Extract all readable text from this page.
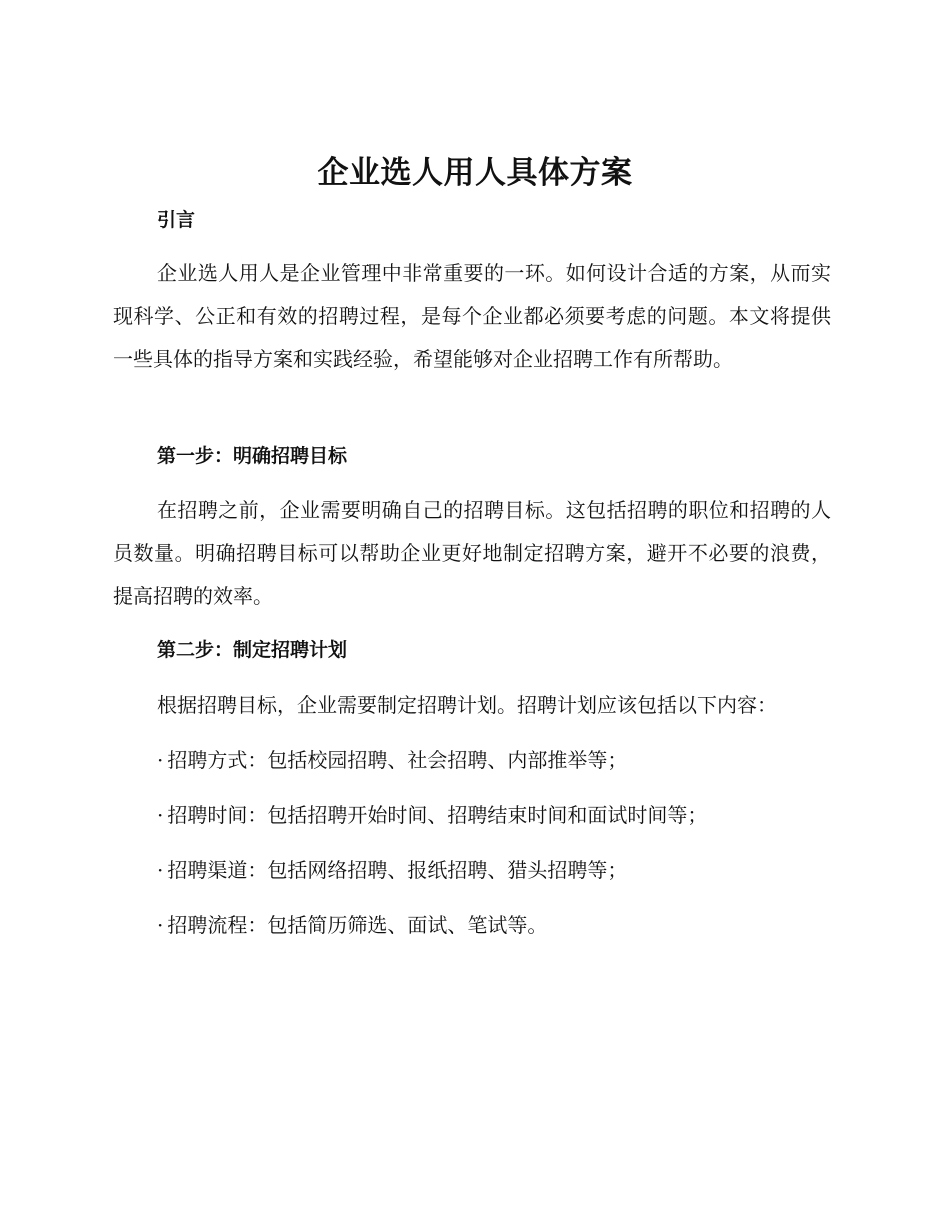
企业选人用人具体方案
引言

企业选人用人是企业管理中非常重要的一环。如何设计合适的方案，从而实现科学、公正和有效的招聘过程，是每个企业都必须要考虑的问题。本文将提供一些具体的指导方案和实践经验，希望能够对企业招聘工作有所帮助。

第一步：明确招聘目标

在招聘之前，企业需要明确自己的招聘目标。这包括招聘的职位和招聘的人员数量。明确招聘目标可以帮助企业更好地制定招聘方案，避开不必要的浪费，提高招聘的效率。

第二步：制定招聘计划

根据招聘目标，企业需要制定招聘计划。招聘计划应该包括以下内容：

· 招聘方式：包括校园招聘、社会招聘、内部推举等；

· 招聘时间：包括招聘开始时间、招聘结束时间和面试时间等；

· 招聘渠道：包括网络招聘、报纸招聘、猎头招聘等；

· 招聘流程：包括简历筛选、面试、笔试等。
